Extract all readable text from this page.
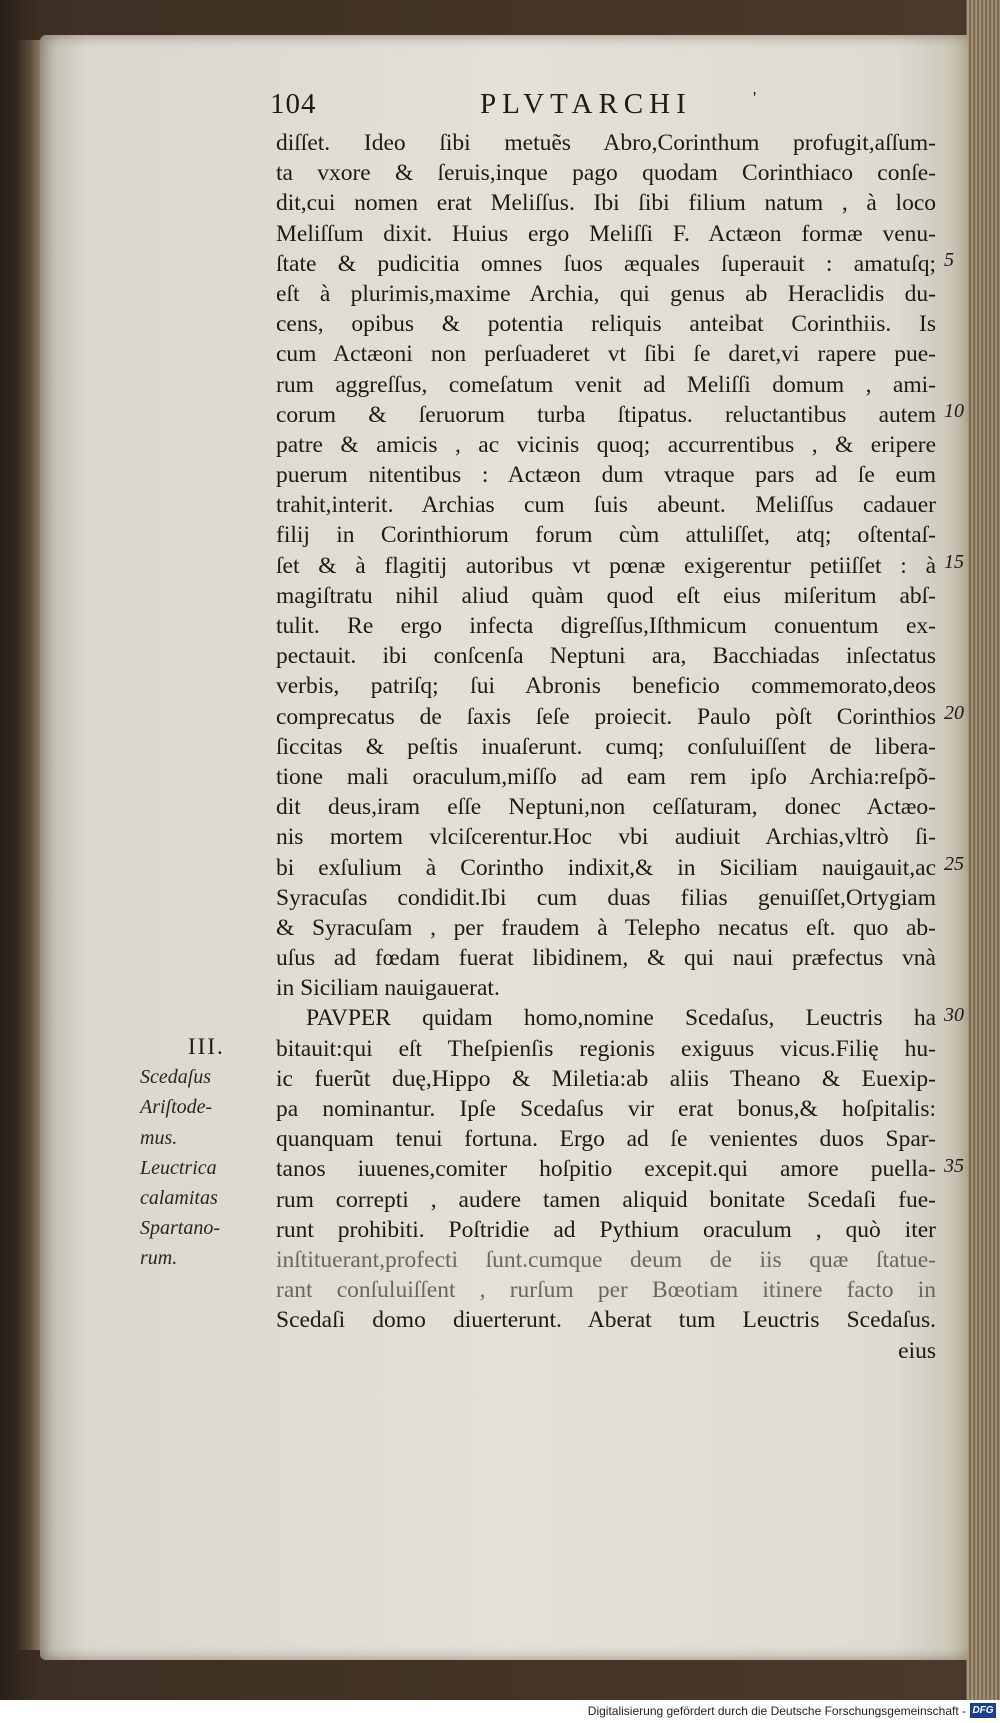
104	PLVTARCHI	'
diſſet. Ideo ſibi metuẽs Abro,Corinthum profugit,aſſum-
ta vxore & ſeruis,inque pago quodam Corinthiaco conſe-
dit,cui nomen erat Meliſſus. Ibi ſibi filium natum , à loco
Meliſſum dixit. Huius ergo Meliſſi F. Actæon formæ venu-
ſtate & pudicitia omnes ſuos æquales ſuperauit : amatuſq;
eſt à plurimis,maxime Archia, qui genus ab Heraclidis du-
cens, opibus & potentia reliquis anteibat Corinthiis. Is
cum Actæoni non perſuaderet vt ſibi ſe daret,vi rapere pue-
rum aggreſſus, comeſatum venit ad Meliſſi domum , ami-
corum & ſeruorum turba ſtipatus. reluctantibus autem
patre & amicis , ac vicinis quoq; accurrentibus , & eripere
puerum nitentibus : Actæon dum vtraque pars ad ſe eum
trahit,interit. Archias cum ſuis abeunt. Meliſſus cadauer
filij in Corinthiorum forum cùm attuliſſet, atq; oſtentaſ-
ſet & à flagitij autoribus vt pœnæ exigerentur petiiſſet : à
magiſtratu nihil aliud quàm quod eſt eius miſeritum abſ-
tulit. Re ergo infecta digreſſus,Iſthmicum conuentum ex-
pectauit. ibi conſcenſa Neptuni ara, Bacchiadas inſectatus
verbis, patriſq; ſui Abronis beneficio commemorato,deos
comprecatus de ſaxis ſeſe proiecit. Paulo pòſt Corinthios
ſiccitas & peſtis inuaſerunt. cumq; conſuluiſſent de libera-
tione mali oraculum,miſſo ad eam rem ipſo Archia:reſpõ-
dit deus,iram eſſe Neptuni,non ceſſaturam, donec Actæo-
nis mortem vlciſcerentur.Hoc vbi audiuit Archias,vltrò ſi-
bi exſulium à Corintho indixit,& in Siciliam nauigauit,ac
Syracuſas condidit.Ibi cum duas filias genuiſſet,Ortygiam
& Syracuſam , per fraudem à Telepho necatus eſt. quo ab-
uſus ad fœdam fuerat libidinem, & qui naui præfectus vnà
in Siciliam nauigauerat.
PAVPER quidam homo,nomine Scedaſus, Leuctris ha
bitauit:qui eſt Theſpienſis regionis exiguus vicus.Filię hu-
ic fuerũt duę,Hippo & Miletia:ab aliis Theano & Euexip-
pa nominantur. Ipſe Scedaſus vir erat bonus,& hoſpitalis:
quanquam tenui fortuna. Ergo ad ſe venientes duos Spar-
tanos iuuenes,comiter hoſpitio excepit.qui amore puella-
rum correpti , audere tamen aliquid bonitate Scedaſi fue-
runt prohibiti. Poſtridie ad Pythium oraculum , quò iter
inſtituerant,profecti ſunt.cumque deum de iis quæ ſtatue-
rant conſuluiſſent , rurſum per Bœotiam itinere facto in
Scedaſi domo diuerterunt. Aberat tum Leuctris Scedaſus.
eius
5
10
15
20
25
30
35
III.
Scedaſus
Ariſtode-
mus.
Leuctrica
calamitas
Spartano-
rum.
Digitalisierung gefördert durch die Deutsche Forschungsgemeinschaft - DFG
